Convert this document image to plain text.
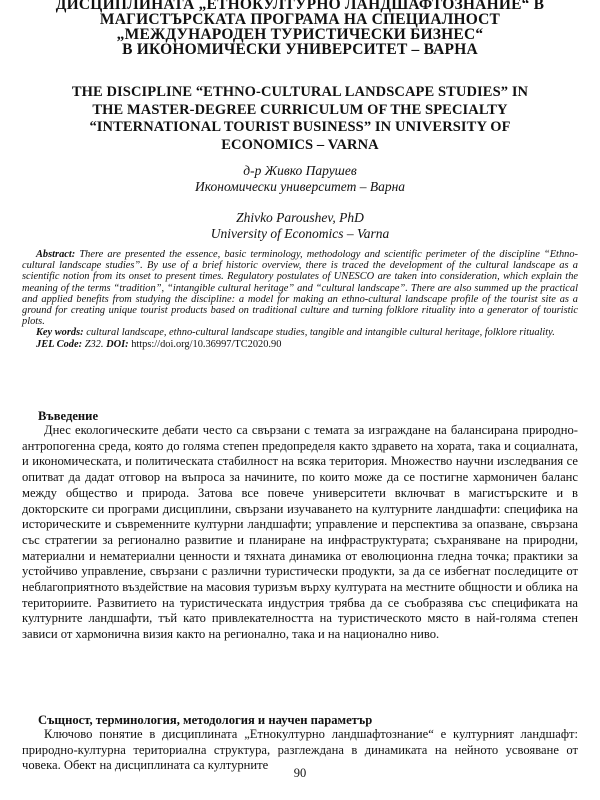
ДИСЦИПЛИНАТА „ЕТНОКУЛТУРНО ЛАНДШАФТОЗНАНИЕ“ В
МАГИСТЪРСКАТА ПРОГРАМА НА СПЕЦИАЛНОСТ
„МЕЖДУНАРОДЕН ТУРИСТИЧЕСКИ БИЗНЕС“
В ИКОНОМИЧЕСКИ УНИВЕРСИТЕТ – ВАРНА
THE DISCIPLINE “ETHNO-CULTURAL LANDSCAPE STUDIES” IN
THE MASTER-DEGREE CURRICULUM OF THE SPECIALTY
“INTERNATIONAL TOURIST BUSINESS” IN UNIVERSITY OF
ECONOMICS – VARNA
д-р Живко Парушев
Икономически университет – Варна
Zhivko Paroushev, PhD
University of Economics – Varna

Abstract: There are presented the essence, basic terminology, methodology and scientific perimeter of the discipline “Ethno-cultural landscape studies”. By use of a brief historic overview, there is traced the development of the cultural landscape as a scientific notion from its onset to present times. Regulatory postulates of UNESCO are taken into consideration, which explain the meaning of the terms “tradition”, “intangible cultural heritage” and “cultural landscape”. There are also summed up the practical and applied benefits from studying the discipline: a model for making an ethno-cultural landscape profile of the tourist site as a ground for creating unique tourist products based on traditional culture and turning folklore rituality into a generator of touristic plots.

Key words: cultural landscape, ethno-cultural landscape studies, tangible and intangible cultural heritage, folklore rituality.

JEL Code: Z32. DOI: https://doi.org/10.36997/TC2020.90

Въведение

Днес екологическите дебати често са свързани с темата за изграждане на балансирана природно-антропогенна среда, която до голяма степен предопределя както здравето на хората, така и социалната, и икономическата, и политическата стабилност на всяка територия. Множество научни изследвания се опитват да дадат отговор на въпроса за начините, по които може да се постигне хармоничен баланс между общество и природа. Затова все повече университети включват в магистърските и в докторските си програми дисциплини, свързани изучаването на културните ландшафти: специфика на историческите и съвременните културни ландшафти; управление и перспектива за опазване, свързана със стратегии за регионално развитие и планиране на инфраструктурата; съхраняване на природни, материални и нематериални ценности и тяхната динамика от еволюционна гледна точка; практики за устойчиво управление, свързани с различни туристически продукти, за да се избегнат последиците от неблагоприятното въздействие на масовия туризъм върху културата на местните общности и облика на териториите. Развитието на туристическата индустрия трябва да се съобразява със спецификата на културните ландшафти, тъй като привлекателността на туристическото място в най-голяма степен зависи от хармонична визия както на регионално, така и на национално ниво.

Същност, терминология, методология и научен параметър

Ключово понятие в дисциплината „Етнокултурно ландшафтознание“ е културният ландшафт: природно-културна териториална структура, разглеждана в динамиката на нейното усвояване от човека. Обект на дисциплината са културните

90
